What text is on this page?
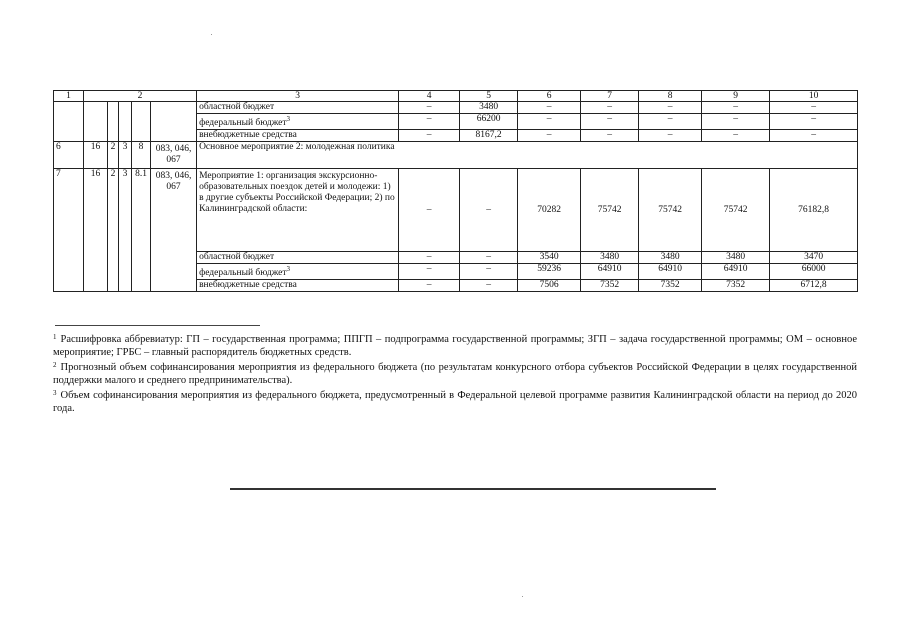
1	2					3	4	5	6	7	8	9	10
						областной бюджет	–	3480	–	–	–	–	–
						федеральный бюджет$^3$	–	66200	–	–	–	–	–
						внебюджетные средства	–	8167,2	–	–	–	–	–
6	16	2	3	8	083, 046, 067	Основное мероприятие 2: молодежная политика							
7	16	2	3	8.1	083, 046, 067	Мероприятие 1: организация экскурсионно-образовательных поездок детей и молодежи: 1) в другие субъекты Российской Федерации; 2) по Калининградской области:	–	–	70282	75742	75742	75742	76182,8
						областной бюджет	–	–	3540	3480	3480	3480	3470
						федеральный бюджет$^3$	–	–	59236	64910	64910	64910	66000
						внебюджетные средства	–	–	7506	7352	7352	7352	6712,8

$^1$ Расшифровка аббревиатур: ГП – государственная программа; ППГП – подпрограмма государственной программы; ЗГП – задача государственной программы; ОМ – основное мероприятие; ГРБС – главный распорядитель бюджетных средств.

$^2$ Прогнозный объем софинансирования мероприятия из федерального бюджета (по результатам конкурсного отбора субъектов Российской Федерации в целях государственной поддержки малого и среднего предпринимательства).

$^3$ Объем софинансирования мероприятия из федерального бюджета, предусмотренный в Федеральной целевой программе развития Калининградской области на период до 2020 года.
